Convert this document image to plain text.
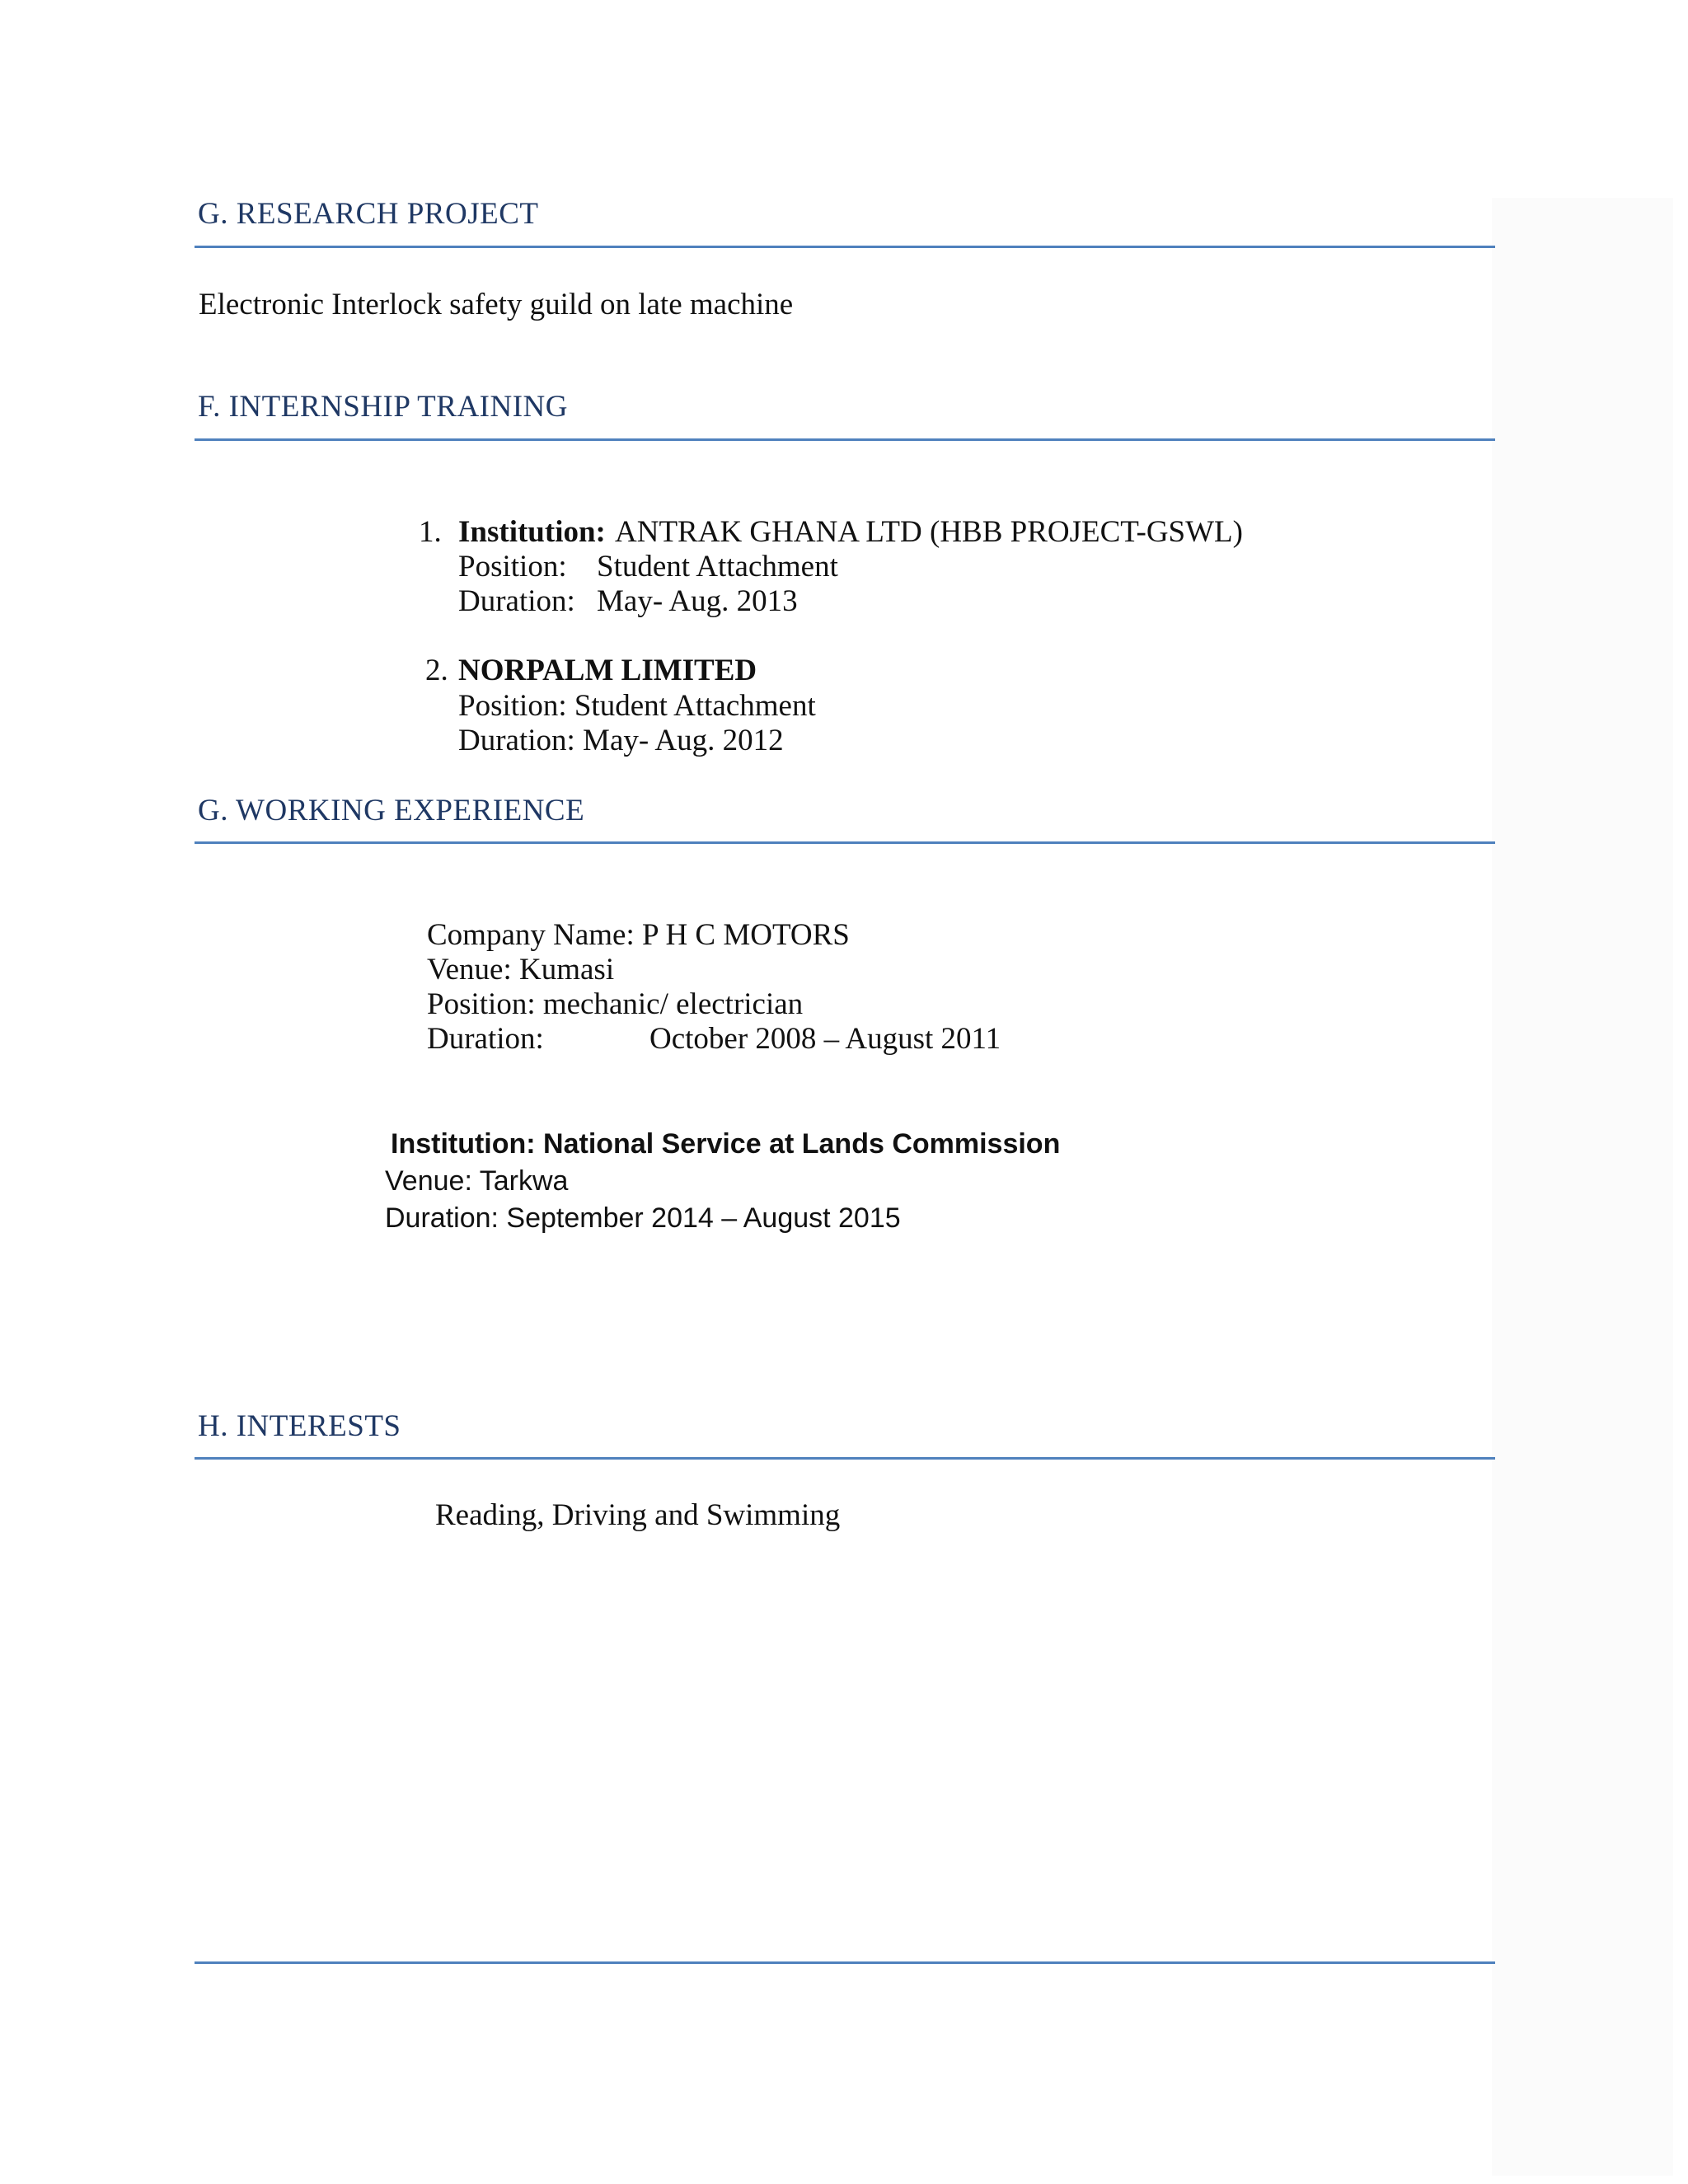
G. RESEARCH PROJECT
Electronic Interlock safety guild on late machine
F. INTERNSHIP TRAINING
1. Institution: ANTRAK GHANA LTD (HBB PROJECT-GSWL)
Position: Student Attachment
Duration: May- Aug. 2013
2. NORPALM LIMITED
Position: Student Attachment
Duration: May- Aug. 2012
G. WORKING EXPERIENCE
Company Name: P H C MOTORS
Venue: Kumasi
Position: mechanic/ electrician
Duration:	October 2008 – August 2011
Institution: National Service at Lands Commission
Venue: Tarkwa
Duration: September 2014 – August 2015
H. INTERESTS
Reading, Driving and Swimming
